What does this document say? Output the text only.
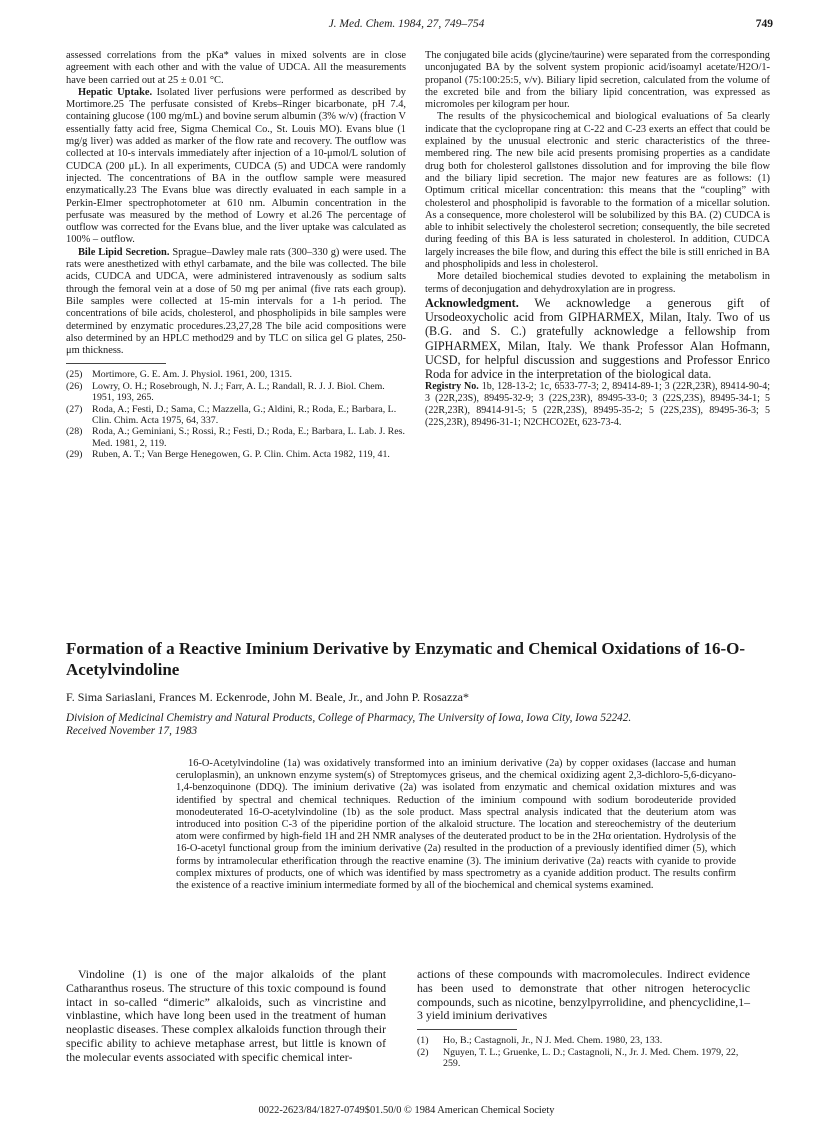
J. Med. Chem. 1984, 27, 749–754	749

assessed correlations from the pKa* values in mixed solvents are in close agreement with each other and with the value of UDCA. All the measurements have been carried out at 25 ± 0.01 °C.

Hepatic Uptake. Isolated liver perfusions were performed as described by Mortimore.25 The perfusate consisted of Krebs–Ringer bicarbonate, pH 7.4, containing glucose (100 mg/mL) and bovine serum albumin (3% w/v) (fraction V essentially fatty acid free, Sigma Chemical Co., St. Louis MO). Evans blue (1 mg/g liver) was added as marker of the flow rate and recovery. The outflow was collected at 10-s intervals immediately after injection of a 10-μmol/L solution of CUDCA (200 μL). In all experiments, CUDCA (5) and UDCA were randomly injected. The concentrations of BA in the outflow sample were measured enzymatically.23 The Evans blue was directly evaluated in each sample in a Perkin-Elmer spectrophotometer at 610 nm. Albumin concentration in the perfusate was measured by the method of Lowry et al.26 The percentage of outflow was corrected for the Evans blue, and the liver uptake was calculated as 100% – outflow.

Bile Lipid Secretion. Sprague–Dawley male rats (300–330 g) were used. The rats were anesthetized with ethyl carbamate, and the bile was collected. The bile acids, CUDCA and UDCA, were administered intravenously as sodium salts through the femoral vein at a dose of 50 mg per animal (five rats each group). Bile samples were collected at 15-min intervals for a 1-h period. The concentrations of bile acids, cholesterol, and phospholipids in bile samples were determined by enzymatic procedures.23,27,28 The bile acid compositions were also determined by an HPLC method29 and by TLC on silica gel G plates, 250-μm thickness.

(25) Mortimore, G. E. Am. J. Physiol. 1961, 200, 1315.
(26) Lowry, O. H.; Rosebrough, N. J.; Farr, A. L.; Randall, R. J. J. Biol. Chem. 1951, 193, 265.
(27) Roda, A.; Festi, D.; Sama, C.; Mazzella, G.; Aldini, R.; Roda, E.; Barbara, L. Clin. Chim. Acta 1975, 64, 337.
(28) Roda, A.; Geminiani, S.; Rossi, R.; Festi, D.; Roda, E.; Barbara, L. Lab. J. Res. Med. 1981, 2, 119.
(29) Ruben, A. T.; Van Berge Henegowen, G. P. Clin. Chim. Acta 1982, 119, 41.

The conjugated bile acids (glycine/taurine) were separated from the corresponding unconjugated BA by the solvent system propionic acid/isoamyl acetate/H2O/1-propanol (75:100:25:5, v/v). Biliary lipid secretion, calculated from the volume of the excreted bile and from the biliary lipid concentration, was expressed as micromoles per kilogram per hour.

The results of the physicochemical and biological evaluations of 5a clearly indicate that the cyclopropane ring at C-22 and C-23 exerts an effect that could be explained by the unusual electronic and steric characteristics of the three-membered ring. The new bile acid presents promising properties as a candidate drug both for cholesterol gallstones dissolution and for improving the bile flow and the biliary lipid secretion. The major new features are as follows: (1) Optimum critical micellar concentration: this means that the “coupling” with cholesterol and phospholipid is favorable to the formation of a micellar solution. As a consequence, more cholesterol will be solubilized by this BA. (2) CUDCA is able to inhibit selectively the cholesterol secretion; consequently, the bile secreted during feeding of this BA is less saturated in cholesterol. In addition, CUDCA largely increases the bile flow, and during this effect the bile is still enriched in BA and phospholipids and less in cholesterol.

More detailed biochemical studies devoted to explaining the metabolism in terms of deconjugation and dehydroxylation are in progress.

Acknowledgment. We acknowledge a generous gift of Ursodeoxycholic acid from GIPHARMEX, Milan, Italy. Two of us (B.G. and S. C.) gratefully acknowledge a fellowship from GIPHARMEX, Milan, Italy. We thank Professor Alan Hofmann, UCSD, for helpful discussion and suggestions and Professor Enrico Roda for advice in the interpretation of the biological data.

Registry No. 1b, 128-13-2; 1c, 6533-77-3; 2, 89414-89-1; 3 (22R,23R), 89414-90-4; 3 (22R,23S), 89495-32-9; 3 (22S,23R), 89495-33-0; 3 (22S,23S), 89495-34-1; 5 (22R,23R), 89414-91-5; 5 (22R,23S), 89495-35-2; 5 (22S,23S), 89495-36-3; 5 (22S,23R), 89496-31-1; N2CHCO2Et, 623-73-4.

Formation of a Reactive Iminium Derivative by Enzymatic and Chemical Oxidations of 16-O-Acetylvindoline
F. Sima Sariaslani, Frances M. Eckenrode, John M. Beale, Jr., and John P. Rosazza*
Division of Medicinal Chemistry and Natural Products, College of Pharmacy, The University of Iowa, Iowa City, Iowa 52242.
Received November 17, 1983

16-O-Acetylvindoline (1a) was oxidatively transformed into an iminium derivative (2a) by copper oxidases (laccase and human ceruloplasmin), an unknown enzyme system(s) of Streptomyces griseus, and the chemical oxidizing agent 2,3-dichloro-5,6-dicyano-1,4-benzoquinone (DDQ). The iminium derivative (2a) was isolated from enzymatic and chemical oxidation mixtures and was identified by spectral and chemical techniques. Reduction of the iminium compound with sodium borodeuteride provided monodeuterated 16-O-acetylvindoline (1b) as the sole product. Mass spectral analysis indicated that the deuterium atom was introduced into position C-3 of the piperidine portion of the alkaloid structure. The location and stereochemistry of the deuterium atom were confirmed by high-field 1H and 2H NMR analyses of the deuterated product to be in the 2Hα orientation. Hydrolysis of the 16-O-acetyl functional group from the iminium derivative (2a) resulted in the production of a previously identified dimer (5), which forms by intramolecular etherification through the reactive enamine (3). The iminium derivative (2a) reacts with cyanide to provide complex mixtures of products, one of which was identified by mass spectrometry as a cyanide addition product. The results confirm the existence of a reactive iminium intermediate formed by all of the biochemical and chemical systems examined.

Vindoline (1) is one of the major alkaloids of the plant Catharanthus roseus. The structure of this toxic compound is found intact in so-called “dimeric” alkaloids, such as vincristine and vinblastine, which have long been used in the treatment of human neoplastic diseases. These complex alkaloids function through their specific ability to achieve metaphase arrest, but little is known of the molecular events associated with specific chemical inter-

actions of these compounds with macromolecules. Indirect evidence has been used to demonstrate that other nitrogen heterocyclic compounds, such as nicotine, benzylpyrrolidine, and phencyclidine,1–3 yield iminium derivatives

(1)	Ho, B.; Castagnoli, Jr., N J. Med. Chem. 1980, 23, 133.
(2)	Nguyen, T. L.; Gruenke, L. D.; Castagnoli, N., Jr. J. Med. Chem. 1979, 22, 259.
0022-2623/84/1827-0749$01.50/0 © 1984 American Chemical Society
